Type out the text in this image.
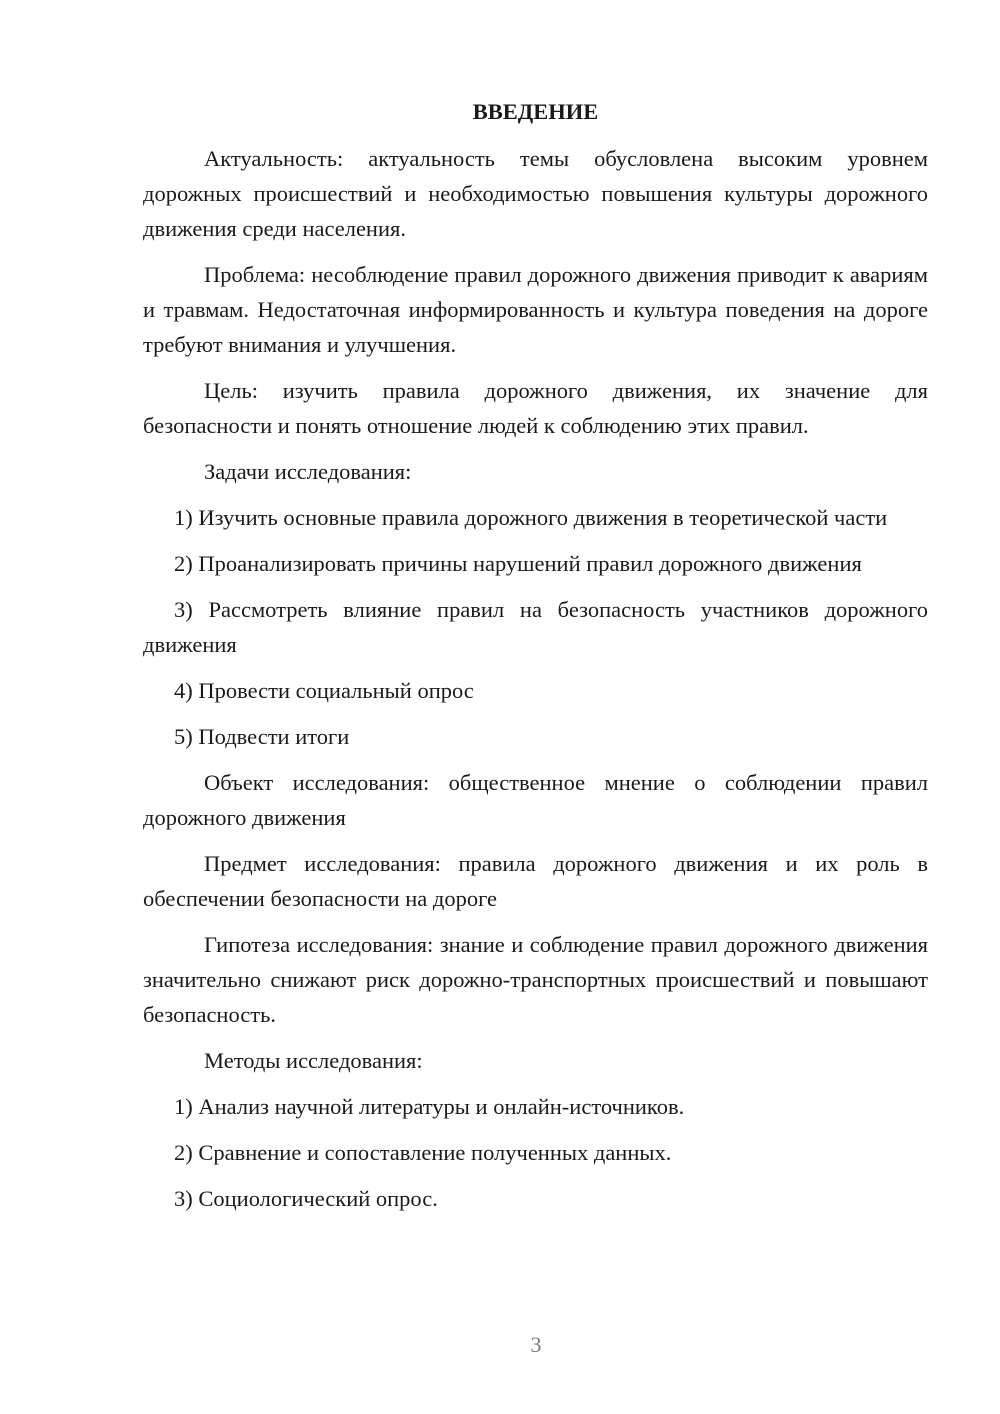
ВВЕДЕНИЕ

Актуальность: актуальность темы обусловлена высоким уровнем дорожных происшествий и необходимостью повышения культуры дорожного движения среди населения.

Проблема: несоблюдение правил дорожного движения приводит к авариям и травмам. Недостаточная информированность и культура поведения на дороге требуют внимания и улучшения.

Цель: изучить правила дорожного движения, их значение для безопасности и понять отношение людей к соблюдению этих правил.

Задачи исследования:

1) Изучить основные правила дорожного движения в теоретической части

2) Проанализировать причины нарушений правил дорожного движения

3) Рассмотреть влияние правил на безопасность участников дорожного движения

4) Провести социальный опрос

5) Подвести итоги

Объект исследования: общественное мнение о соблюдении правил дорожного движения

Предмет исследования: правила дорожного движения и их роль в обеспечении безопасности на дороге

Гипотеза исследования: знание и соблюдение правил дорожного движения значительно снижают риск дорожно-транспортных происшествий и повышают безопасность.

Методы исследования:

1) Анализ научной литературы и онлайн-источников.

2) Сравнение и сопоставление полученных данных.

3) Социологический опрос.

3
